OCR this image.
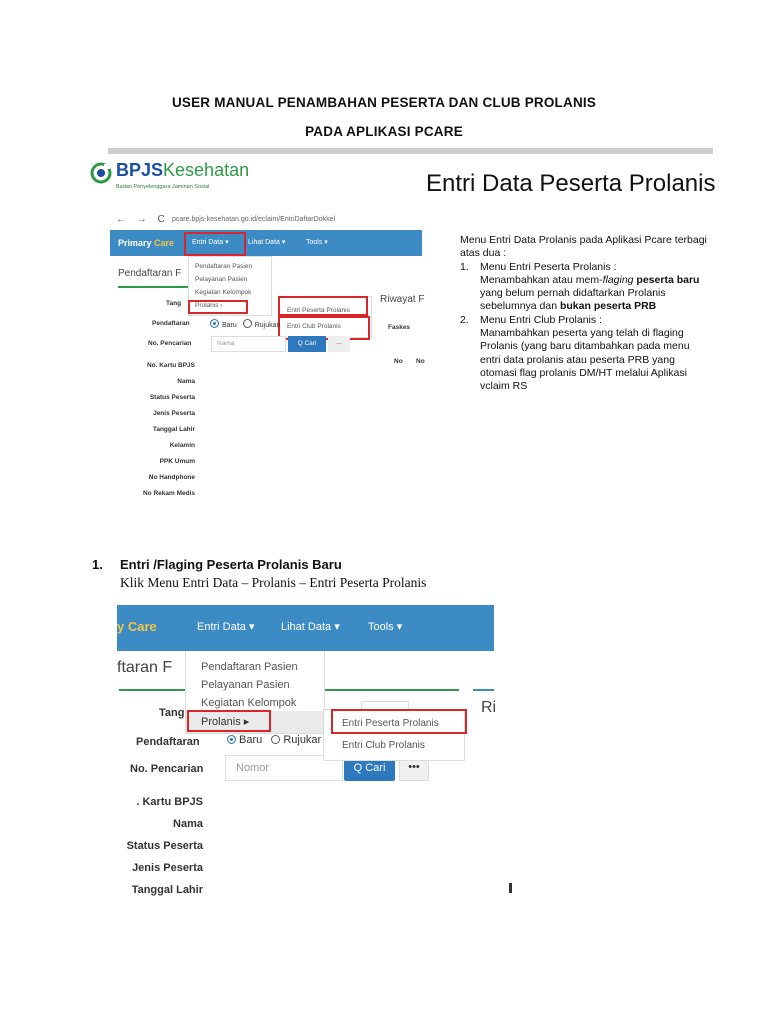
USER MANUAL PENAMBAHAN PESERTA DAN CLUB PROLANIS
PADA APLIKASI PCARE
BPJSKesehatan
Badan Penyelenggara Jaminan Sosial	Entri Data Peserta Prolanis
← → C pcare.bpjs-kesehatan.go.id/eclaim/EntriDaftarDokkel
Primary Care	Entri Data ▾	Lihat Data ▾	Tools ▾
Pendaftaran F
Pendaftaran Pasien
Pelayanan Pasien
Kegiatan Kelompok
Prolanis ›
Entri Peserta Prolanis
Entri Club Prolanis
Riwayat F
Tang
Pendaftaran	Baru	Rujukan
No. Pencarian	Nama	Q Cari	...
Faskes
No No
No. Kartu BPJS
Nama
Status Peserta
Jenis Peserta
Tanggal Lahir
Kelamin
PPK Umum
No Handphone
No Rekam Medis

Menu Entri Data Prolanis pada Aplikasi Pcare terbagi atas dua :

1. Menu Entri Peserta Prolanis :
Menambahkan atau mem-flaging peserta baru yang belum pernah didaftarkan Prolanis sebelumnya dan bukan peserta PRB
2. Menu Entri Club Prolanis :
Manambahkan peserta yang telah di flaging Prolanis (yang baru ditambahkan pada menu entri data prolanis atau peserta PRB yang otomasi flag prolanis DM/HT melalui Aplikasi vclaim RS
1. Entri /Flaging Peserta Prolanis Baru
Klik Menu Entri Data – Prolanis – Entri Peserta Prolanis
y Care	Entri Data ▾ Lihat Data ▾	Tools ▾
ftaran F
Ri
Tang
Pendaftaran	Baru Rujukar
No. Pencarian	Nomor	Q Cari	•••
. Kartu BPJS
Nama
Status Peserta
Jenis Peserta
Tanggal Lahir
Pendaftaran Pasien
Pelayanan Pasien
Kegiatan Kelompok
Prolanis ▸	Entri Peserta Prolanis
Entri Club Prolanis
